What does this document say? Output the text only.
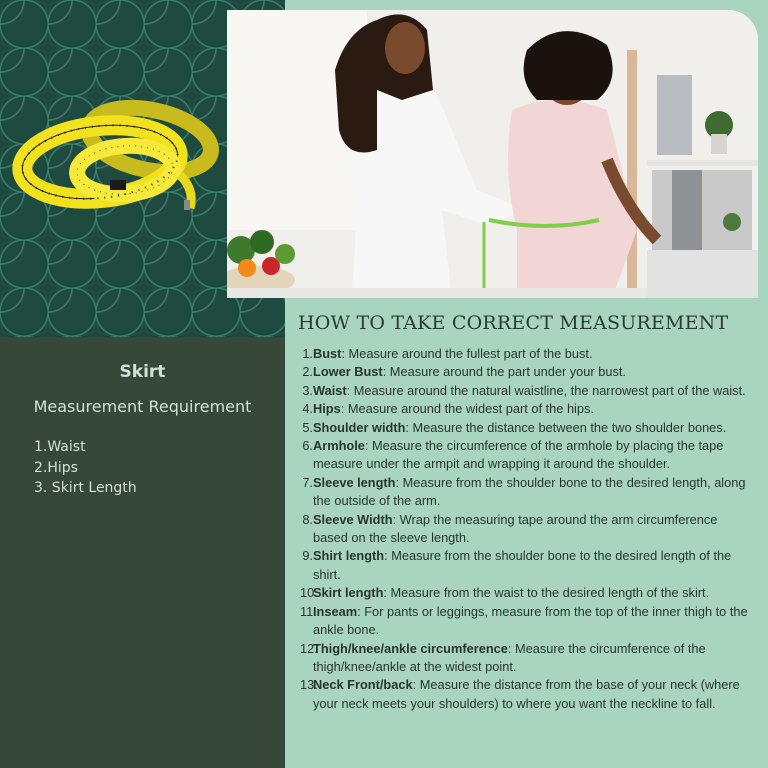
HOW TO TAKE CORRECT MEASUREMENT
Skirt
Measurement Requirement
1.Waist
2.Hips
3. Skirt Length
1. Bust: Measure around the fullest part of the bust.
2. Lower Bust: Measure around the part under your bust.
3. Waist: Measure around the natural waistline, the narrowest part of the waist.
4. Hips: Measure around the widest part of the hips.
5. Shoulder width: Measure the distance between the two shoulder bones.
6. Armhole: Measure the circumference of the armhole by placing the tape measure under the armpit and wrapping it around the shoulder.
7. Sleeve length: Measure from the shoulder bone to the desired length, along the outside of the arm.
8. Sleeve Width: Wrap the measuring tape around the arm circumference based on the sleeve length.
9. Shirt length: Measure from the shoulder bone to the desired length of the shirt.
10.
Skirt length: Measure from the waist to the desired length of the skirt.
11.
Inseam: For pants or leggings, measure from the top of the inner thigh to the ankle bone.
12.
Thigh/knee/ankle circumference: Measure the circumference of the thigh/knee/ankle at the widest point.
13.
Neck Front/back: Measure the distance from the base of your neck (where your neck meets your shoulders) to where you want the neckline to fall.
